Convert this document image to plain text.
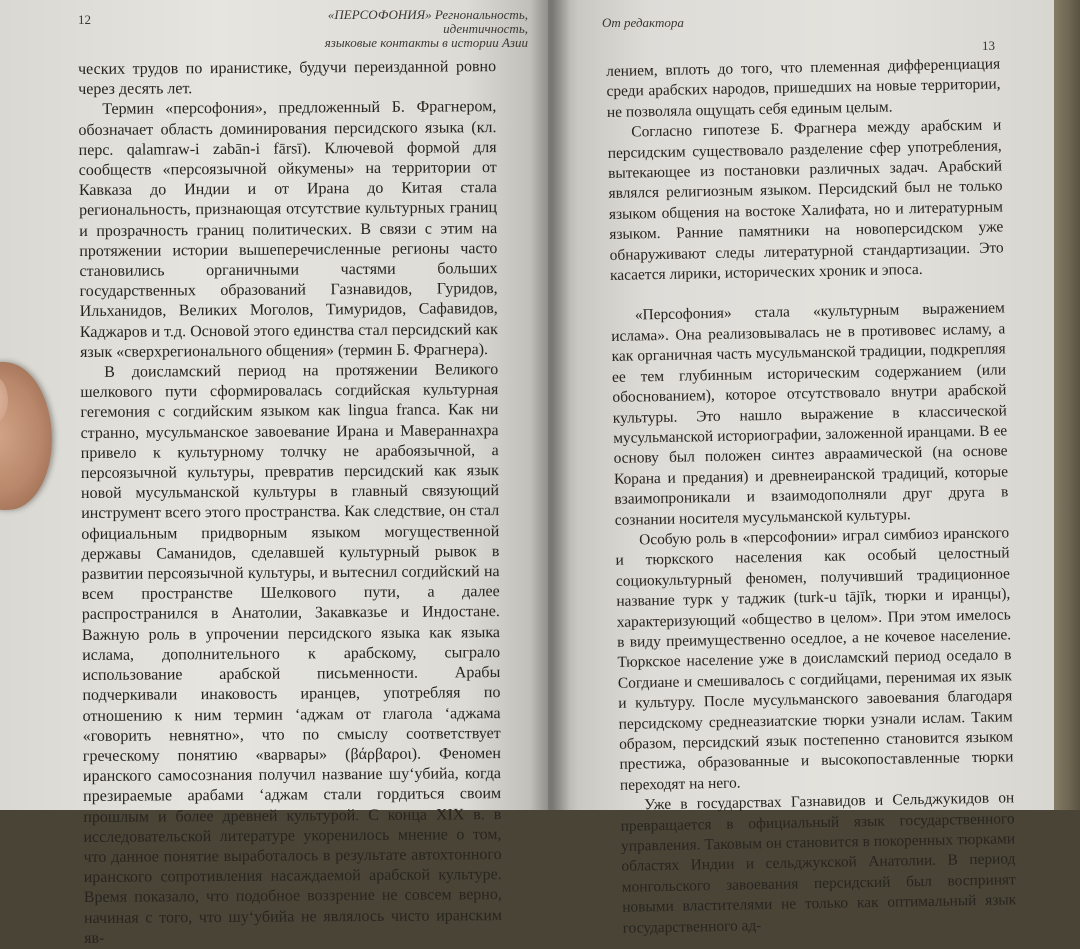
12	«ПЕРСОФОНИЯ» Регнональность, идентичность,
языковые контакты в истории Азии

ческих трудов по иранистике, будучи переизданной ровно через десять лет.

Термин «персофония», предложенный Б. Фрагнером, обозначает область доминирования персидского языка (кл. перс. qalamraw-i zabān-i fārsī). Ключевой формой для сообществ «персоязычной ойкумены» на территории от Кавказа до Индии и от Ирана до Китая стала региональность, признающая отсутствие культурных границ и прозрачность границ политических. В связи с этим на протяжении истории вышеперечисленные регионы часто становились органичными частями больших государственных образований Газнавидов, Гуридов, Ильханидов, Великих Моголов, Тимуридов, Сафавидов, Каджаров и т.д. Основой этого единства стал персидский как язык «сверхрегионального общения» (термин Б. Фрагнера).

В доисламский период на протяжении Великого шелкового пути сформировалась согдийская культурная гегемония с согдийским языком как lingua franca. Как ни странно, мусульманское завоевание Ирана и Мавераннахра привело к культурному толчку не арабоязычной, а персоязычной культуры, превратив персидский как язык новой мусульманской культуры в главный связующий инструмент всего этого пространства. Как следствие, он стал официальным придворным языком могущественной державы Саманидов, сделавшей культурный рывок в развитии персоязычной культуры, и вытеснил согдийский на всем пространстве Шелкового пути, а далее распространился в Анатолии, Закавказье и Индостане. Важную роль в упрочении персидского языка как языка ислама, дополнительного к арабскому, сыграло использование арабской письменности. Арабы подчеркивали инаковость иранцев, употребляя по отношению к ним термин ʻаджам от глагола ʻаджама «говорить невнятно», что по смыслу соответствует греческому понятию «варвары» (βάρβαροι). Феномен иранского самосознания получил название шуʻубийа, когда презираемые арабами ʻаджам стали гордиться своим прошлым и более древней культурой. С конца XIX в. в исследовательской литературе укоренилось мнение о том, что данное понятие выработалось в результате автохтонного иранского сопротивления насаждаемой арабской культуре. Время показало, что подобное воззрение не совсем верно, начиная с того, что шуʻубийа не являлось чисто иранским яв-

От редактора
13

лением, вплоть до того, что племенная дифференциация среди арабских народов, пришедших на новые территории, не позволяла ощущать себя единым целым.

Согласно гипотезе Б. Фрагнера между арабским и персидским существовало разделение сфер употребления, вытекающее из постановки различных задач. Арабский являлся религиозным языком. Персидский был не только языком общения на востоке Халифата, но и литературным языком. Ранние памятники на новоперсидском уже обнаруживают следы литературной стандартизации. Это касается лирики, исторических хроник и эпоса.

«Персофония» стала «культурным выражением ислама». Она реализовывалась не в противовес исламу, а как органичная часть мусульманской традиции, подкрепляя ее тем глубинным историческим содержанием (или обоснованием), которое отсутствовало внутри арабской культуры. Это нашло выражение в классической мусульманской историографии, заложенной иранцами. В ее основу был положен синтез авраамической (на основе Корана и предания) и древнеиранской традиций, которые взаимопроникали и взаимодополняли друг друга в сознании носителя мусульманской культуры.

Особую роль в «персофонии» играл симбиоз иранского и тюркского населения как особый целостный социокультурный феномен, получивший традиционное название турк у таджик (turk-u tājīk, тюрки и иранцы), характеризующий «общество в целом». При этом имелось в виду преимущественно оседлое, а не кочевое население. Тюркское население уже в доисламский период оседало в Согдиане и смешивалось с согдийцами, перенимая их язык и культуру. После мусульманского завоевания благодаря персидскому среднеазиатские тюрки узнали ислам. Таким образом, персидский язык постепенно становится языком престижа, образованные и высокопоставленные тюрки переходят на него.

Уже в государствах Газнавидов и Сельджукидов он превращается в официальный язык государственного управления. Таковым он становится в покоренных тюрками областях Индии и сельджукской Анатолии. В период монгольского завоевания персидский был воспринят новыми властителями не только как оптимальный язык государственного ад-
